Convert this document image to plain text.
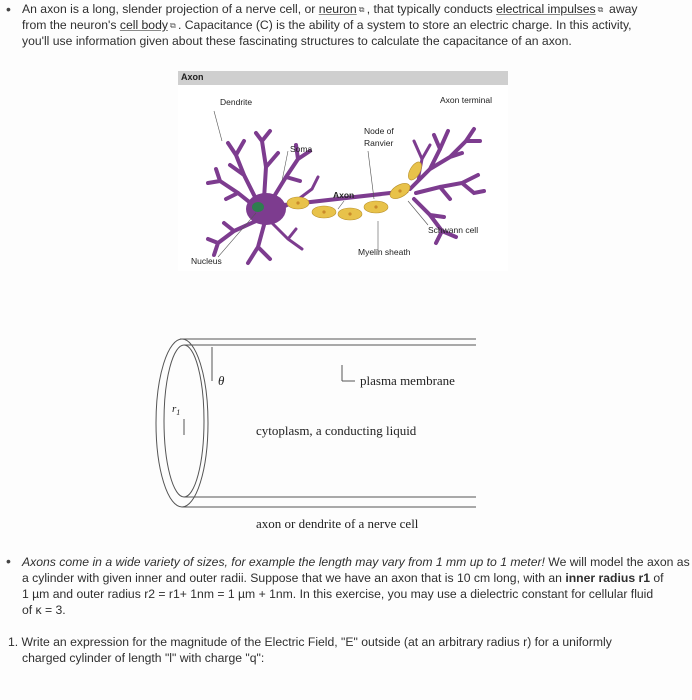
• An axon is a long, slender projection of a nerve cell, or neuron ⧉ , that typically conducts electrical impulses ⧉ away
from the neuron's cell body ⧉ . Capacitance (C) is the ability of a system to store an electric charge. In this activity,
you'll use information given about these fascinating structures to calculate the capacitance of an axon.
Axon
Dendrite	Axon terminal
Soma
Node of
Ranvier
Axon
Schwann cell
Myelin sheath
Nucleus
θ
$r_1$
plasma membrane
cytoplasm, a conducting liquid
axon or dendrite of a nerve cell
• Axons come in a wide variety of sizes, for example the length may vary from 1 mm up to 1 meter! We will model the axon as
a cylinder with given inner and outer radii. Suppose that we have an axon that is 10 cm long, with an inner radius r1 of
1 µm and outer radius r2 = r1+ 1nm = 1 µm + 1nm. In this exercise, you may use a dielectric constant for cellular fluid
of κ = 3.
1. Write an expression for the magnitude of the Electric Field, "E" outside (at an arbitrary radius r) for a uniformly
charged cylinder of length "l" with charge "q":
